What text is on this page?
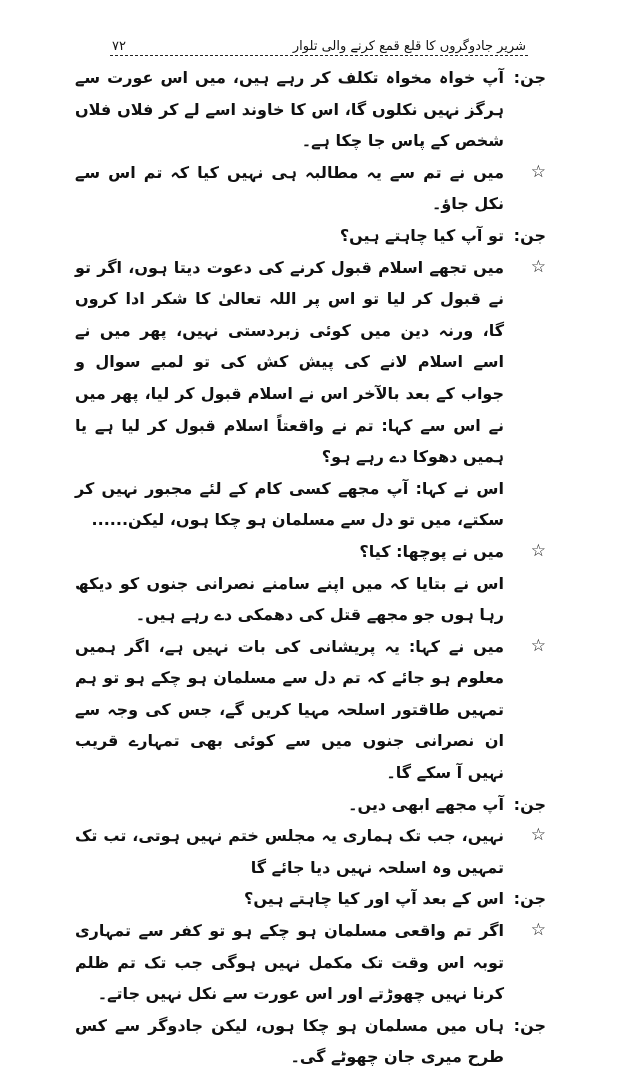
شریر جادوگروں کا قلع قمع کرنے والی تلوار
۷۲
جن:
آپ خواہ مخواہ تکلف کر رہے ہیں، میں اس عورت سے ہرگز نہیں نکلوں گا، اس کا خاوند اسے لے کر فلاں فلاں شخص کے پاس جا چکا ہے۔
☆
میں نے تم سے یہ مطالبہ ہی نہیں کیا کہ تم اس سے نکل جاؤ۔
جن:
تو آپ کیا چاہتے ہیں؟
☆
میں تجھے اسلام قبول کرنے کی دعوت دیتا ہوں، اگر تو نے قبول کر لیا تو اس پر اللہ تعالیٰ کا شکر ادا کروں گا، ورنہ دین میں کوئی زبردستی نہیں، پھر میں نے اسے اسلام لانے کی پیش کش کی تو لمبے سوال و جواب کے بعد بالآخر اس نے اسلام قبول کر لیا، پھر میں نے اس سے کہا: تم نے واقعتاً اسلام قبول کر لیا ہے یا ہمیں دھوکا دے رہے ہو؟
اس نے کہا: آپ مجھے کسی کام کے لئے مجبور نہیں کر سکتے، میں تو دل سے مسلمان ہو چکا ہوں، لیکن......
☆
میں نے پوچھا: کیا؟
اس نے بتایا کہ میں اپنے سامنے نصرانی جنوں کو دیکھ رہا ہوں جو مجھے قتل کی دھمکی دے رہے ہیں۔
☆
میں نے کہا: یہ پریشانی کی بات نہیں ہے، اگر ہمیں معلوم ہو جائے کہ تم دل سے مسلمان ہو چکے ہو تو ہم تمہیں طاقتور اسلحہ مہیا کریں گے، جس کی وجہ سے ان نصرانی جنوں میں سے کوئی بھی تمہارے قریب نہیں آ سکے گا۔
جن:
آپ مجھے ابھی دیں۔
☆
نہیں، جب تک ہماری یہ مجلس ختم نہیں ہوتی، تب تک تمہیں وہ اسلحہ نہیں دیا جائے گا
جن:
اس کے بعد آپ اور کیا چاہتے ہیں؟
☆
اگر تم واقعی مسلمان ہو چکے ہو تو کفر سے تمہاری توبہ اس وقت تک مکمل نہیں ہوگی جب تک تم ظلم کرنا نہیں چھوڑتے اور اس عورت سے نکل نہیں جاتے۔
جن:
ہاں میں مسلمان ہو چکا ہوں، لیکن جادوگر سے کس طرح میری جان چھوٹے گی۔
